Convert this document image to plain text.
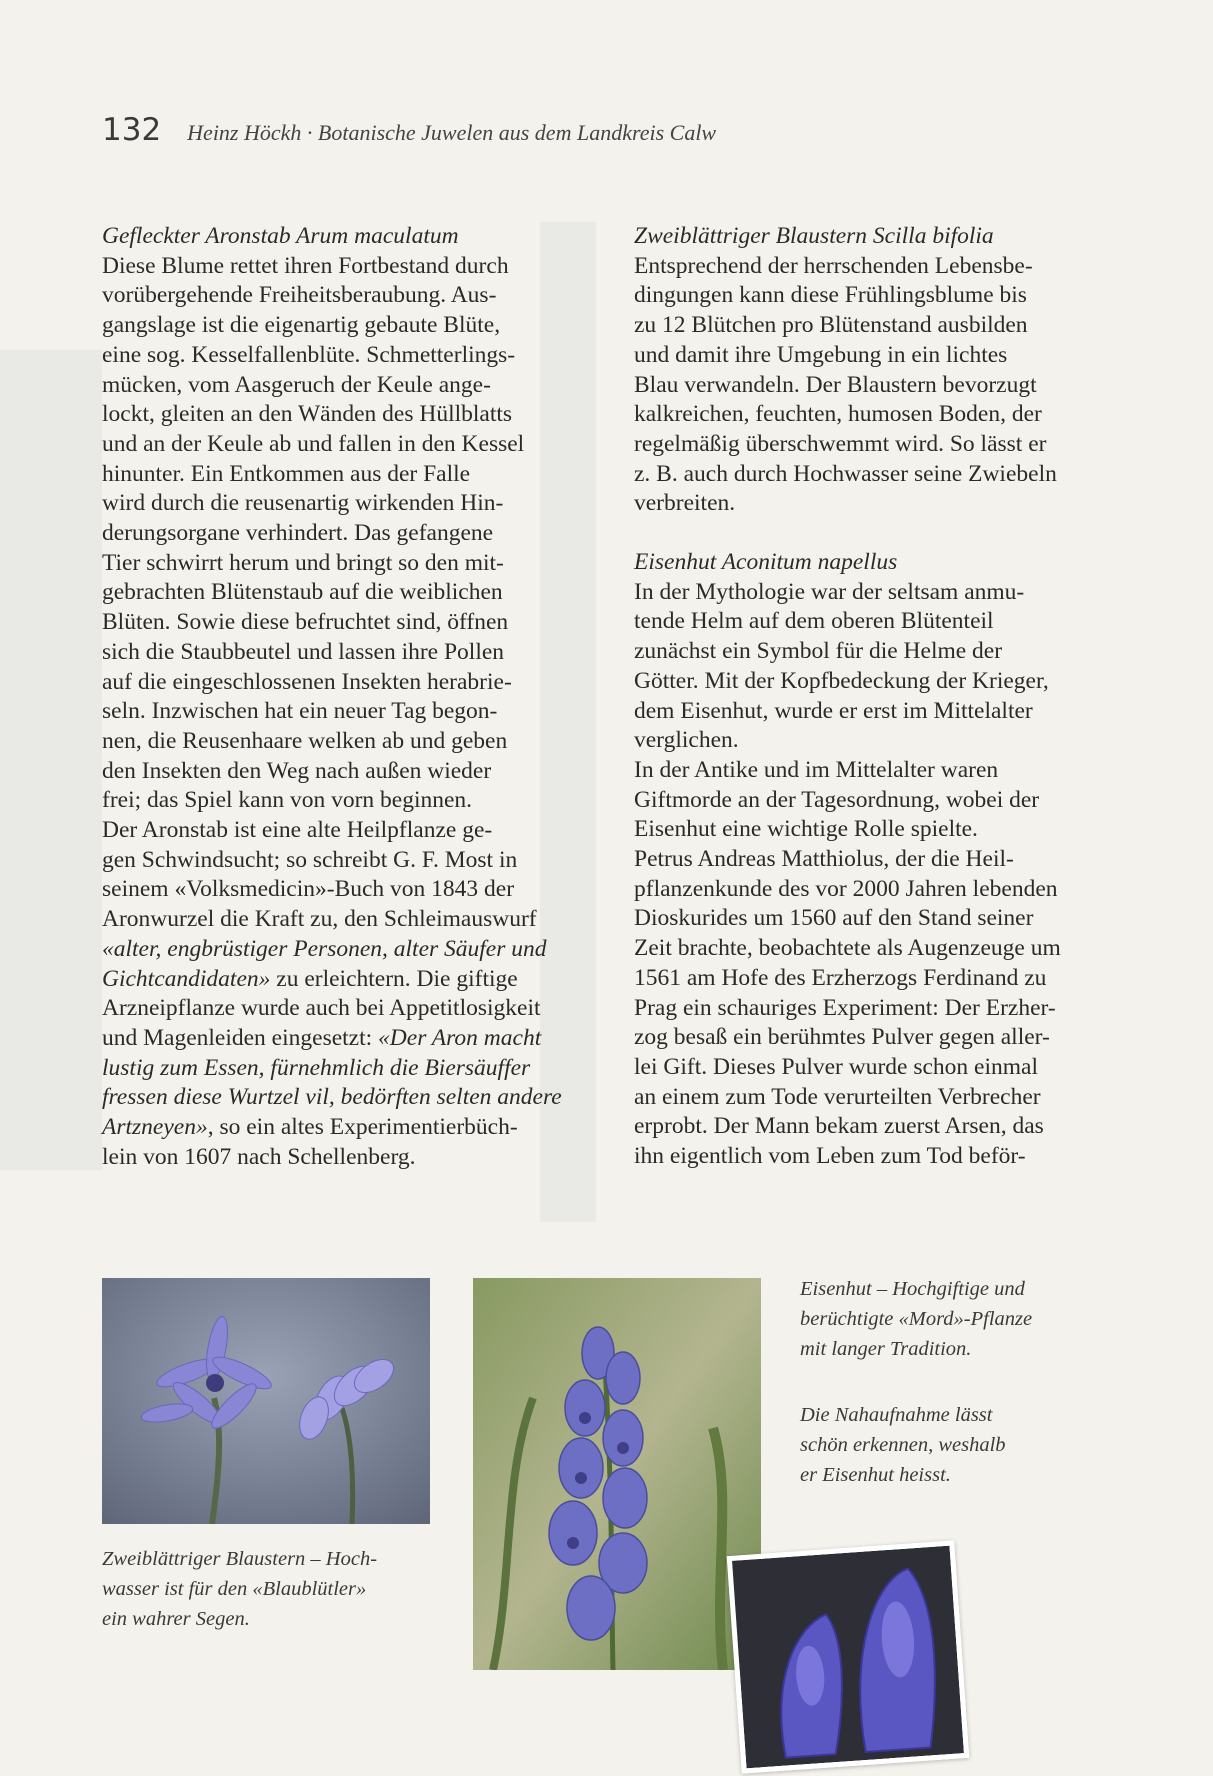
132 Heinz Höckh · Botanische Juwelen aus dem Landkreis Calw

Gefleckter Aronstab Arum maculatum

Diese Blume rettet ihren Fortbestand durch

vorübergehende Freiheitsberaubung. Aus-

gangslage ist die eigenartig gebaute Blüte,

eine sog. Kesselfallenblüte. Schmetterlings-

mücken, vom Aasgeruch der Keule ange-

lockt, gleiten an den Wänden des Hüllblatts

und an der Keule ab und fallen in den Kessel

hinunter. Ein Entkommen aus der Falle

wird durch die reusenartig wirkenden Hin-

derungsorgane verhindert. Das gefangene

Tier schwirrt herum und bringt so den mit-

gebrachten Blütenstaub auf die weiblichen

Blüten. Sowie diese befruchtet sind, öffnen

sich die Staubbeutel und lassen ihre Pollen

auf die eingeschlossenen Insekten herabrie-

seln. Inzwischen hat ein neuer Tag begon-

nen, die Reusenhaare welken ab und geben

den Insekten den Weg nach außen wieder

frei; das Spiel kann von vorn beginnen.

Der Aronstab ist eine alte Heilpflanze ge-

gen Schwindsucht; so schreibt G. F. Most in

seinem «Volksmedicin»-Buch von 1843 der

Aronwurzel die Kraft zu, den Schleimauswurf

«alter, engbrüstiger Personen, alter Säufer und

Gichtcandidaten» zu erleichtern. Die giftige

Arzneipflanze wurde auch bei Appetitlosigkeit

und Magenleiden eingesetzt: «Der Aron macht

lustig zum Essen, fürnehmlich die Biersäuffer

fressen diese Wurtzel vil, bedörften selten andere

Artzneyen», so ein altes Experimentierbüch-

lein von 1607 nach Schellenberg.

Zweiblättriger Blaustern Scilla bifolia

Entsprechend der herrschenden Lebensbe-

dingungen kann diese Frühlingsblume bis

zu 12 Blütchen pro Blütenstand ausbilden

und damit ihre Umgebung in ein lichtes

Blau verwandeln. Der Blaustern bevorzugt

kalkreichen, feuchten, humosen Boden, der

regelmäßig überschwemmt wird. So lässt er

z. B. auch durch Hochwasser seine Zwiebeln

verbreiten.

Eisenhut Aconitum napellus

In der Mythologie war der seltsam anmu-

tende Helm auf dem oberen Blütenteil

zunächst ein Symbol für die Helme der

Götter. Mit der Kopfbedeckung der Krieger,

dem Eisenhut, wurde er erst im Mittelalter

verglichen.

In der Antike und im Mittelalter waren

Giftmorde an der Tagesordnung, wobei der

Eisenhut eine wichtige Rolle spielte.

Petrus Andreas Matthiolus, der die Heil-

pflanzenkunde des vor 2000 Jahren lebenden

Dioskurides um 1560 auf den Stand seiner

Zeit brachte, beobachtete als Augenzeuge um

1561 am Hofe des Erzherzogs Ferdinand zu

Prag ein schauriges Experiment: Der Erzher-

zog besaß ein berühmtes Pulver gegen aller-

lei Gift. Dieses Pulver wurde schon einmal

an einem zum Tode verurteilten Verbrecher

erprobt. Der Mann bekam zuerst Arsen, das

ihn eigentlich vom Leben zum Tod beför-

Zweiblättriger Blaustern – Hoch-

wasser ist für den «Blaublütler»

ein wahrer Segen.

Eisenhut – Hochgiftige und

berüchtigte «Mord»-Pflanze

mit langer Tradition.

Die Nahaufnahme lässt

schön erkennen, weshalb

er Eisenhut heisst.
